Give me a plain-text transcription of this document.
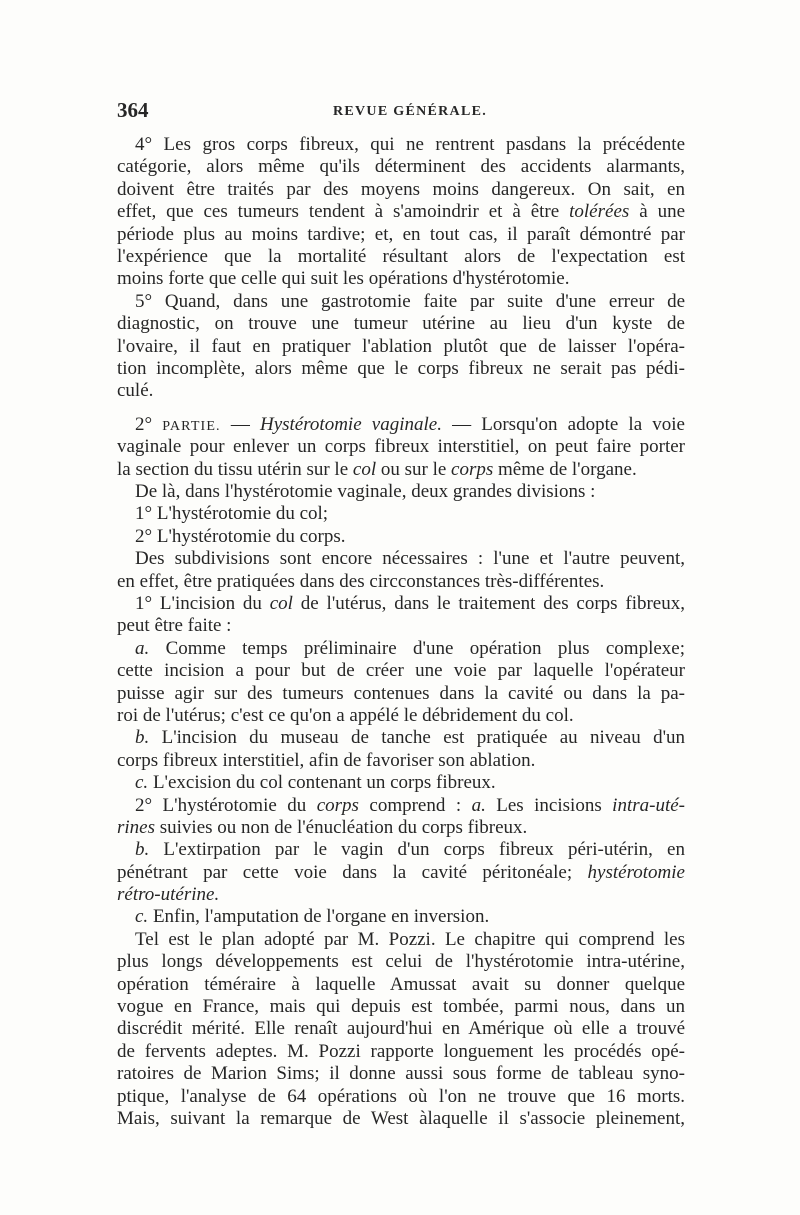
364	REVUE GÉNÉRALE.
4° Les gros corps fibreux, qui ne rentrent pasdans la précédente
catégorie, alors même qu'ils déterminent des accidents alarmants,
doivent être traités par des moyens moins dangereux. On sait, en
effet, que ces tumeurs tendent à s'amoindrir et à être tolérées à une
période plus au moins tardive; et, en tout cas, il paraît démontré par
l'expérience que la mortalité résultant alors de l'expectation est
moins forte que celle qui suit les opérations d'hystérotomie.
5° Quand, dans une gastrotomie faite par suite d'une erreur de
diagnostic, on trouve une tumeur utérine au lieu d'un kyste de
l'ovaire, il faut en pratiquer l'ablation plutôt que de laisser l'opéra-
tion incomplète, alors même que le corps fibreux ne serait pas pédi-
culé.
2° PARTIE. — Hystérotomie vaginale. — Lorsqu'on adopte la voie
vaginale pour enlever un corps fibreux interstitiel, on peut faire porter
la section du tissu utérin sur le col ou sur le corps même de l'organe.
De là, dans l'hystérotomie vaginale, deux grandes divisions :
1° L'hystérotomie du col;
2° L'hystérotomie du corps.
Des subdivisions sont encore nécessaires : l'une et l'autre peuvent,
en effet, être pratiquées dans des circconstances très-différentes.
1° L'incision du col de l'utérus, dans le traitement des corps fibreux,
peut être faite :
a. Comme temps préliminaire d'une opération plus complexe;
cette incision a pour but de créer une voie par laquelle l'opérateur
puisse agir sur des tumeurs contenues dans la cavité ou dans la pa-
roi de l'utérus; c'est ce qu'on a appélé le débridement du col.
b. L'incision du museau de tanche est pratiquée au niveau d'un
corps fibreux interstitiel, afin de favoriser son ablation.
c. L'excision du col contenant un corps fibreux.
2° L'hystérotomie du corps comprend : a. Les incisions intra-uté-
rines suivies ou non de l'énucléation du corps fibreux.
b. L'extirpation par le vagin d'un corps fibreux péri-utérin, en
pénétrant par cette voie dans la cavité péritonéale; hystérotomie
rétro-utérine.
c. Enfin, l'amputation de l'organe en inversion.
Tel est le plan adopté par M. Pozzi. Le chapitre qui comprend les
plus longs développements est celui de l'hystérotomie intra-utérine,
opération téméraire à laquelle Amussat avait su donner quelque
vogue en France, mais qui depuis est tombée, parmi nous, dans un
discrédit mérité. Elle renaît aujourd'hui en Amérique où elle a trouvé
de fervents adeptes. M. Pozzi rapporte longuement les procédés opé-
ratoires de Marion Sims; il donne aussi sous forme de tableau syno-
ptique, l'analyse de 64 opérations où l'on ne trouve que 16 morts.
Mais, suivant la remarque de West àlaquelle il s'associe pleinement,
